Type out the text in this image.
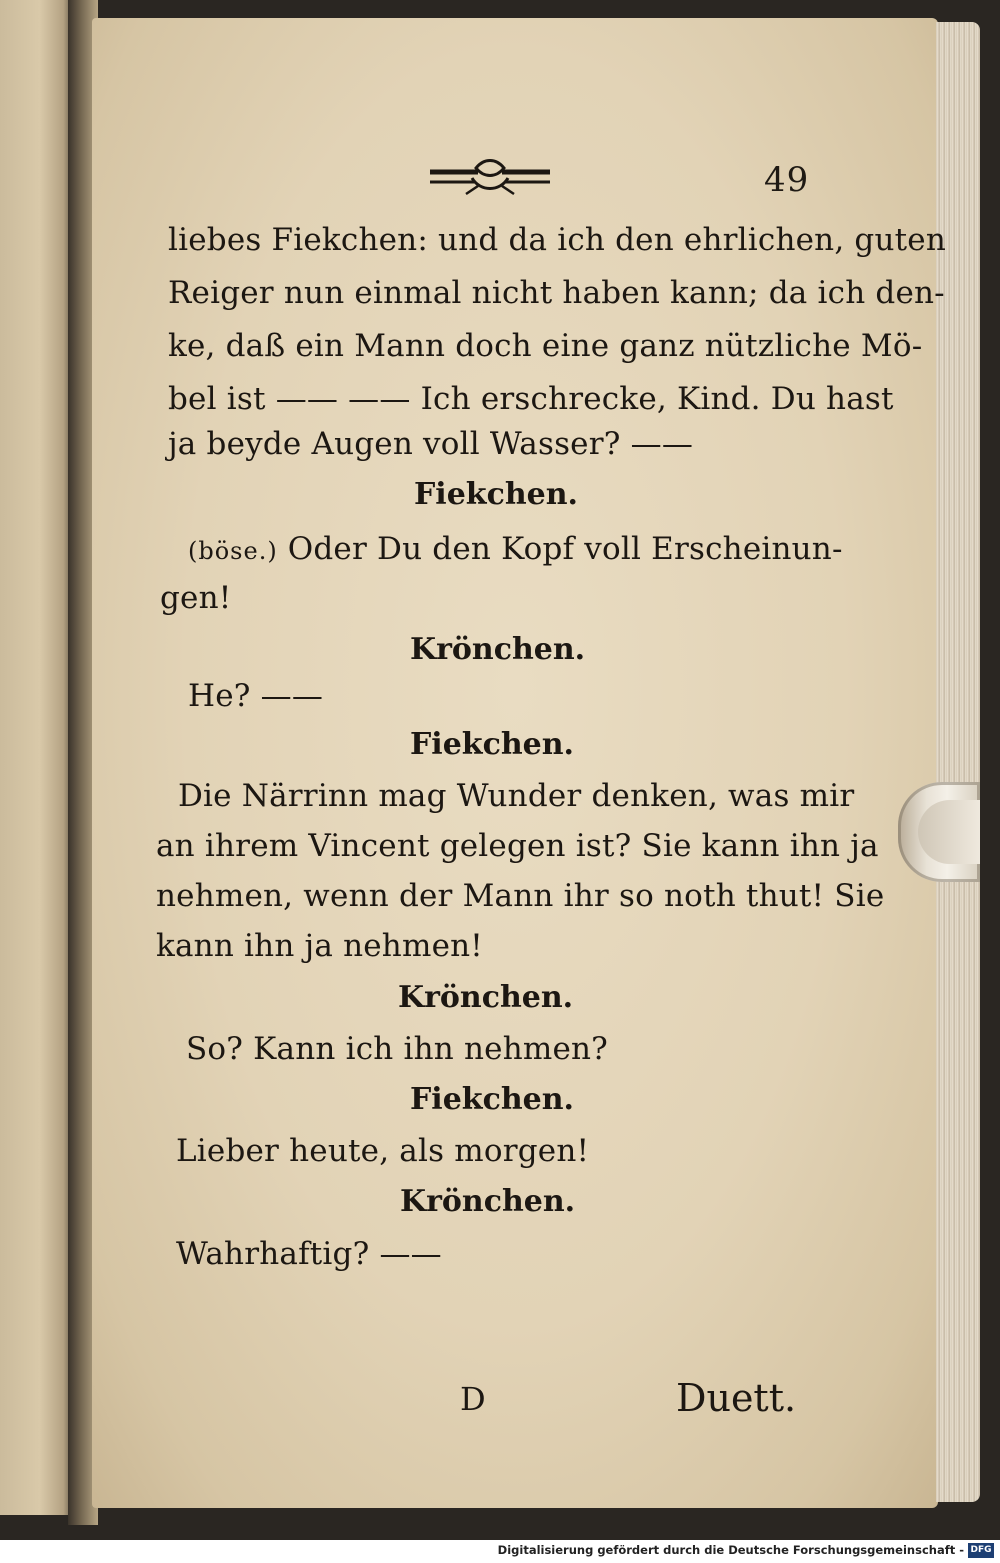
49
liebes Fiekchen: und da ich den ehrlichen, guten
Reiger nun einmal nicht haben kann; da ich den-
ke, daß ein Mann doch eine ganz nützliche Mö-
bel ist —— —— Ich erschrecke, Kind. Du hast
ja beyde Augen voll Wasser? ——
Fiekchen.
(böse.) Oder Du den Kopf voll Erscheinun-
gen!
Krönchen.
He? ——
Fiekchen.
Die Närrinn mag Wunder denken, was mir
an ihrem Vincent gelegen ist? Sie kann ihn ja
nehmen, wenn der Mann ihr so noth thut! Sie
kann ihn ja nehmen!
Krönchen.
So? Kann ich ihn nehmen?
Fiekchen.
Lieber heute, als morgen!
Krönchen.
Wahrhaftig? ——
D	Duett.
Digitalisierung gefördert durch die Deutsche Forschungsgemeinschaft - DFG
